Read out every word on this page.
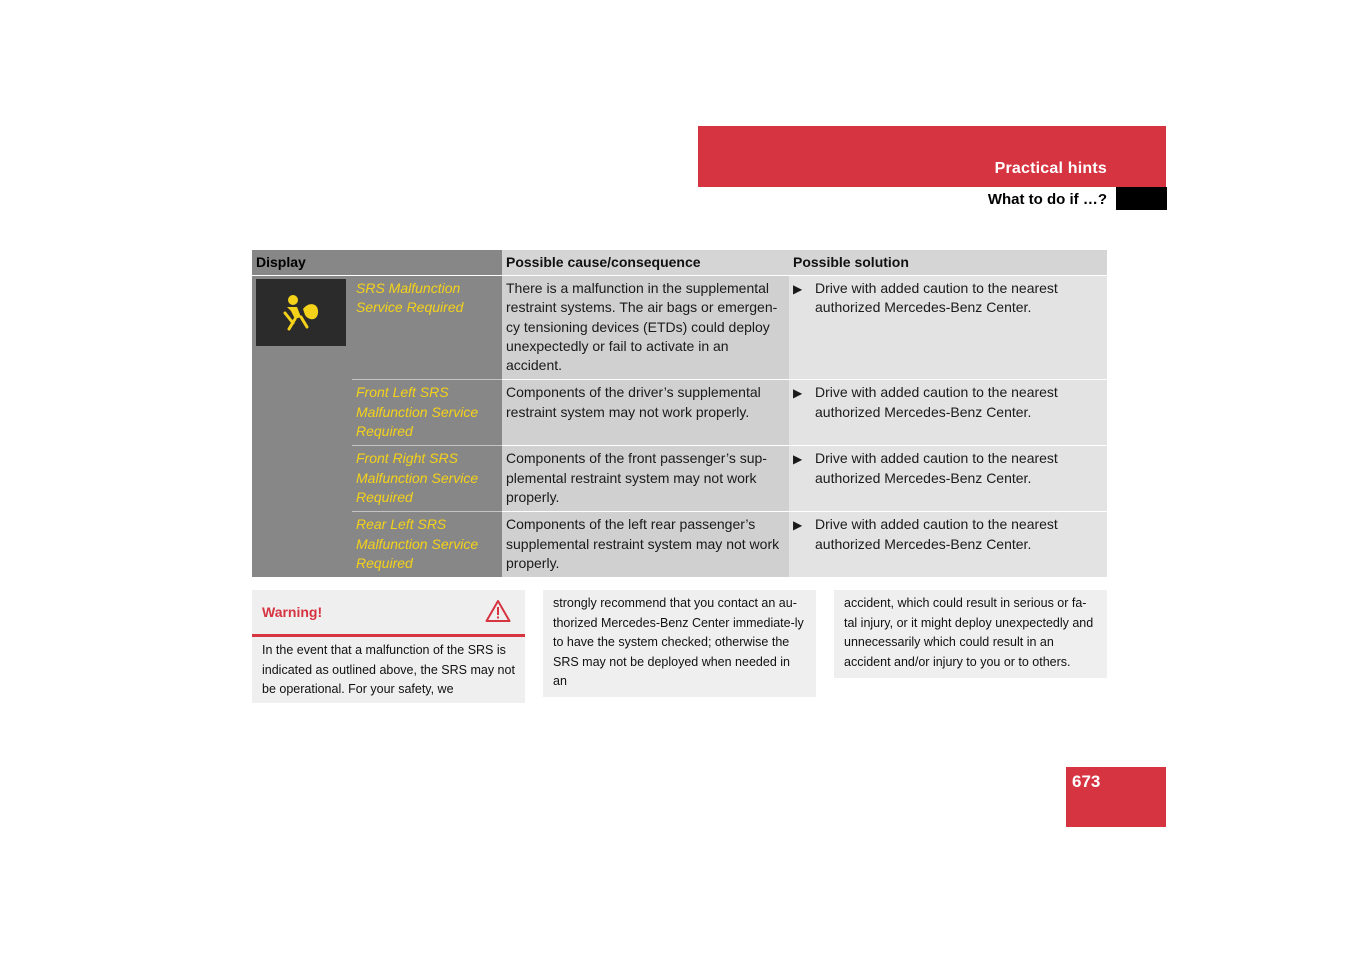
Practical hints
What to do if …?
Display		Possible cause/consequence	Possible solution

	SRS Malfunction Service Required	There is a malfunction in the supplemental restraint systems. The air bags or emergen-cy tensioning devices (ETDs) could deploy unexpectedly or fail to activate in an accident.	▶ Drive with added caution to the nearest authorized Mercedes-Benz Center.

	Front Left SRS Malfunction Service Required	Components of the driver’s supplemental restraint system may not work properly.	▶ Drive with added caution to the nearest authorized Mercedes-Benz Center.

	Front Right SRS Malfunction Service Required	Components of the front passenger’s sup-plemental restraint system may not work properly.	▶ Drive with added caution to the nearest authorized Mercedes-Benz Center.

	Rear Left SRS Malfunction Service Required	Components of the left rear passenger’s supplemental restraint system may not work properly.	▶ Drive with added caution to the nearest authorized Mercedes-Benz Center.
Warning!
In the event that a malfunction of the SRS is indicated as outlined above, the SRS may not be operational. For your safety, we
strongly recommend that you contact an au-thorized Mercedes-Benz Center immediate-ly to have the system checked; otherwise the SRS may not be deployed when needed in an
accident, which could result in serious or fa-tal injury, or it might deploy unexpectedly and unnecessarily which could result in an accident and/or injury to you or to others.
673
